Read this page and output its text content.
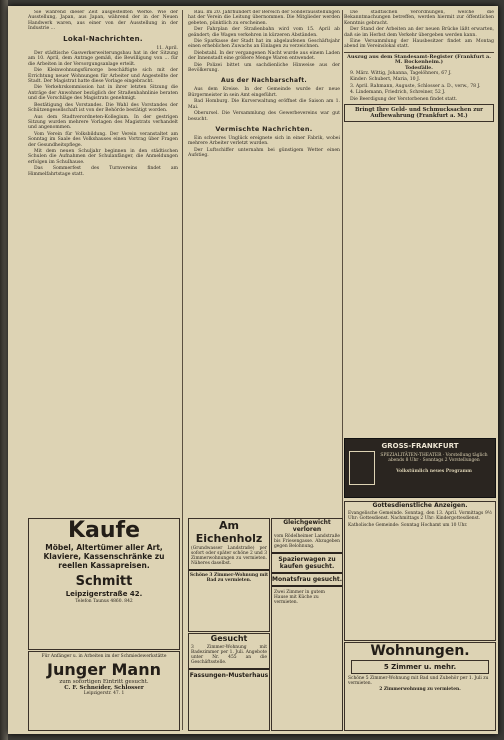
Sie während dieser Zeit ausgestellten Werke. Wie der Ausstellung, Japan, aus Japan, während der in der Neuen Handwerk waren, aus einer von der Ausstellung in der Industrie ...

Lokal-Nachrichten.
11. April.

Der städtische Gaswerkerweiterungsbau hat in der Sitzung am 10. April, dem Antrage gemäß, die Bewilligung von ... für die Arbeiten in der Versorgungsanlage erteilt.

Die Kleinwohnungsfürsorge beschäftigte sich mit der Errichtung neuer Wohnungen für Arbeiter und Angestellte der Stadt. Der Magistrat hatte diese Vorlage eingebracht.

Die Verkehrskommission hat in ihrer letzten Sitzung die Anträge der Anwohner bezüglich der Straßenbahnlinie beraten und die Vorschläge des Magistrats genehmigt.

Bestätigung des Vorstandes. Die Wahl des Vorstandes der Schützengesellschaft ist von der Behörde bestätigt worden.

Aus dem Stadtverordneten-Kollegium. In der gestrigen Sitzung wurden mehrere Vorlagen des Magistrats verhandelt und angenommen.

Vom Verein für Volksbildung. Der Verein veranstaltet am Sonntag im Saale des Volkshauses einen Vortrag über Fragen der Gesundheitspflege.

Mit dem neuen Schuljahr beginnen in den städtischen Schulen die Aufnahmen der Schulanfänger, die Anmeldungen erfolgen im Schulhause.

Das Sommerfest des Turnvereins findet am Himmelfahrtstage statt.

Rau. Im 20. Jahrhundert der Bereich der Sonderausstellungen hat der Verein die Leitung übernommen. Die Mitglieder werden gebeten, pünktlich zu erscheinen.

Der Fahrplan der Straßenbahn wird vom 15. April ab geändert; die Wagen verkehren in kürzeren Abständen.

Die Sparkasse der Stadt hat im abgelaufenen Geschäftsjahr einen erheblichen Zuwachs an Einlagen zu verzeichnen.

Diebstahl. In der vergangenen Nacht wurde aus einem Laden der Innenstadt eine größere Menge Waren entwendet.

Die Polizei bittet um sachdienliche Hinweise aus der Bevölkerung.

Aus der Nachbarschaft.

Aus dem Kreise. In der Gemeinde wurde der neue Bürgermeister in sein Amt eingeführt.

Bad Homburg. Die Kurverwaltung eröffnet die Saison am 1. Mai.

Oberursel. Die Versammlung des Gewerbevereins war gut besucht.

Vermischte Nachrichten.

Ein schweres Unglück ereignete sich in einer Fabrik, wobei mehrere Arbeiter verletzt wurden.

Der Luftschiffer unternahm bei günstigem Wetter einen Aufstieg.

Die städtischen Verordnungen, welche die Bekanntmachungen betreffen, werden hiermit zur öffentlichen Kenntnis gebracht.

Der Stand der Arbeiten an der neuen Brücke läßt erwarten, daß sie im Herbst dem Verkehr übergeben werden kann.

Eine Versammlung der Hausbesitzer findet am Montag abend im Vereinslokal statt.

Auszug aus dem Standesamt-Register (Frankfurt a. M. Bockenheim.)
Todesfälle.

9. März. Wittig, Johanna, Tagelöhners, 67 J.

Kinder: Schubert, Maria, 10 J.

3. April. Rahmann, Auguste, Schlosser a. D., verw., 78 J.

4. Lindemann, Friedrich, Schreiner, 52 J.

Die Beerdigung der Verstorbenen findet statt.

Bringt Ihre Geld- und Schmucksachen zur Aufbewahrung (Frankfurt a. M.)
GROSS-FRANKFURT
SPEZIALITÄTEN-THEATER · Vorstellung täglich abends 8 Uhr · Sonntags 2 Vorstellungen
Volkstümlich neues Programm
Kaufe
Möbel, Altertümer aller Art, Klaviere, Kassenschränke zu reellen Kassapreisen.
Schmitt
Leipzigerstraße 42.
Telefon Taunus 4860. 842
Für Anfänger u. in Arbeiten im der Schmiedewerkstätte
Junger Mann
zum sofortigen Eintritt gesucht.
C. F. Schneider, Schlosser
Leipzigerstr. 47. 1
Am Eichenholz
(Grundwasser Landstraße) per sofort oder später schöne 2 und 3 Zimmerwohnungen zu vermieten. Näheres daselbst.
Schöne 3 Zimmer-Wohnung mit Bad zu vermieten.
Gesucht
3 Zimmer-Wohnung mit Badezimmer per 1. Juli. Angebote unter Nr. 455 an die Geschäftsstelle.
Fassungen-Musterhaus
Gleichgewicht verloren
vom Rödelheimer Landstraße bis Friesengasse. Abzugeben gegen Belohnung.
Spazierwagen zu kaufen gesucht.
Monatsfrau gesucht.
Zwei Zimmer in gutem Hause mit Küche zu vermieten.
Gottesdienstliche Anzeigen.
Evangelische Gemeinde. Sonntag, den 13. April. Vormittags 9½ Uhr: Gottesdienst. Nachmittags 2 Uhr: Kindergottesdienst.
Katholische Gemeinde: Sonntag Hochamt um 10 Uhr.
Wohnungen.
5 Zimmer u. mehr.
Schöne 5 Zimmer-Wohnung mit Bad und Zubehör per 1. Juli zu vermieten.
2 Zimmerwohnung zu vermieten.
